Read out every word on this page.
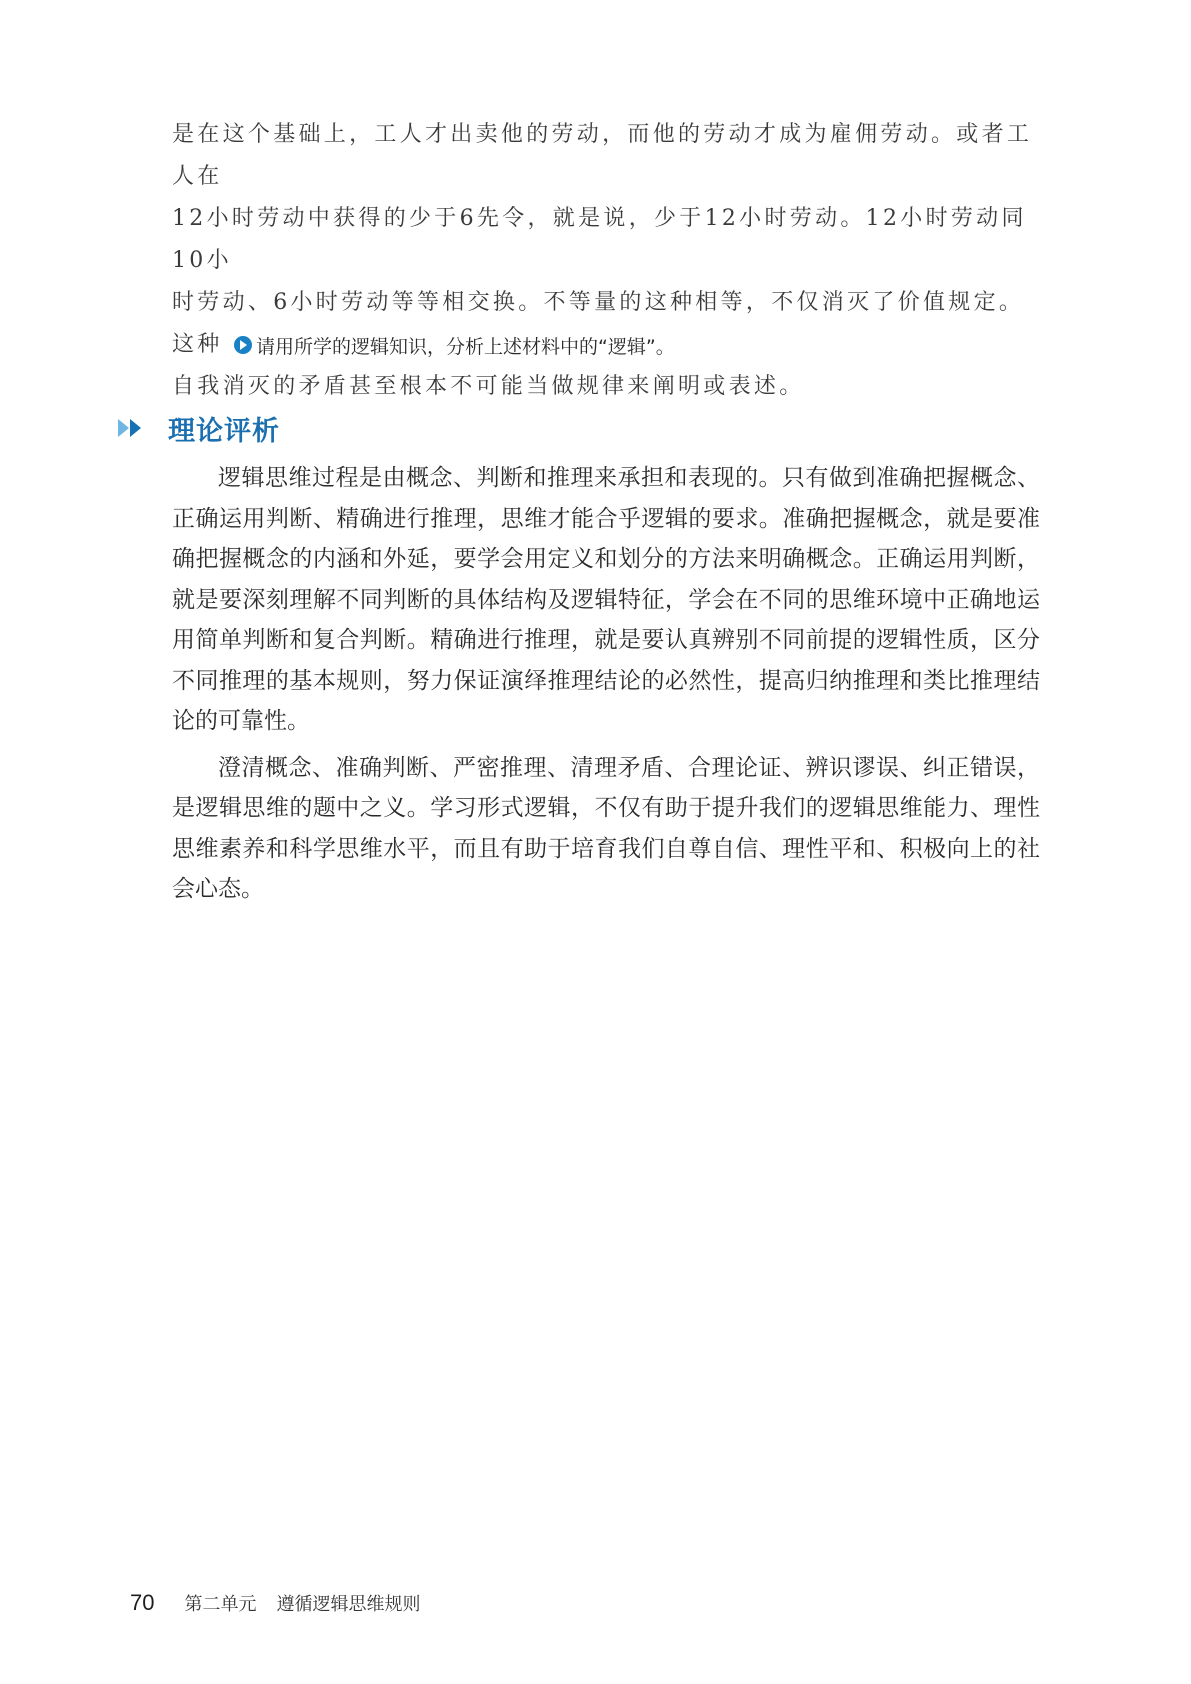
是在这个基础上，工人才出卖他的劳动，而他的劳动才成为雇佣劳动。或者工人在

12小时劳动中获得的少于6先令，就是说，少于12小时劳动。12小时劳动同10小

时劳动、6小时劳动等等相交换。不等量的这种相等，不仅消灭了价值规定。这种

自我消灭的矛盾甚至根本不可能当做规律来阐明或表述。

请用所学的逻辑知识，分析上述材料中的“逻辑”。
理论评析

逻辑思维过程是由概念、判断和推理来承担和表现的。只有做到准确把握概念、正确运用判断、精确进行推理，思维才能合乎逻辑的要求。准确把握概念，就是要准确把握概念的内涵和外延，要学会用定义和划分的方法来明确概念。正确运用判断，就是要深刻理解不同判断的具体结构及逻辑特征，学会在不同的思维环境中正确地运用简单判断和复合判断。精确进行推理，就是要认真辨别不同前提的逻辑性质，区分不同推理的基本规则，努力保证演绎推理结论的必然性，提高归纳推理和类比推理结论的可靠性。

澄清概念、准确判断、严密推理、清理矛盾、合理论证、辨识谬误、纠正错误，是逻辑思维的题中之义。学习形式逻辑，不仅有助于提升我们的逻辑思维能力、理性思维素养和科学思维水平，而且有助于培育我们自尊自信、理性平和、积极向上的社会心态。

70 第二单元 遵循逻辑思维规则
